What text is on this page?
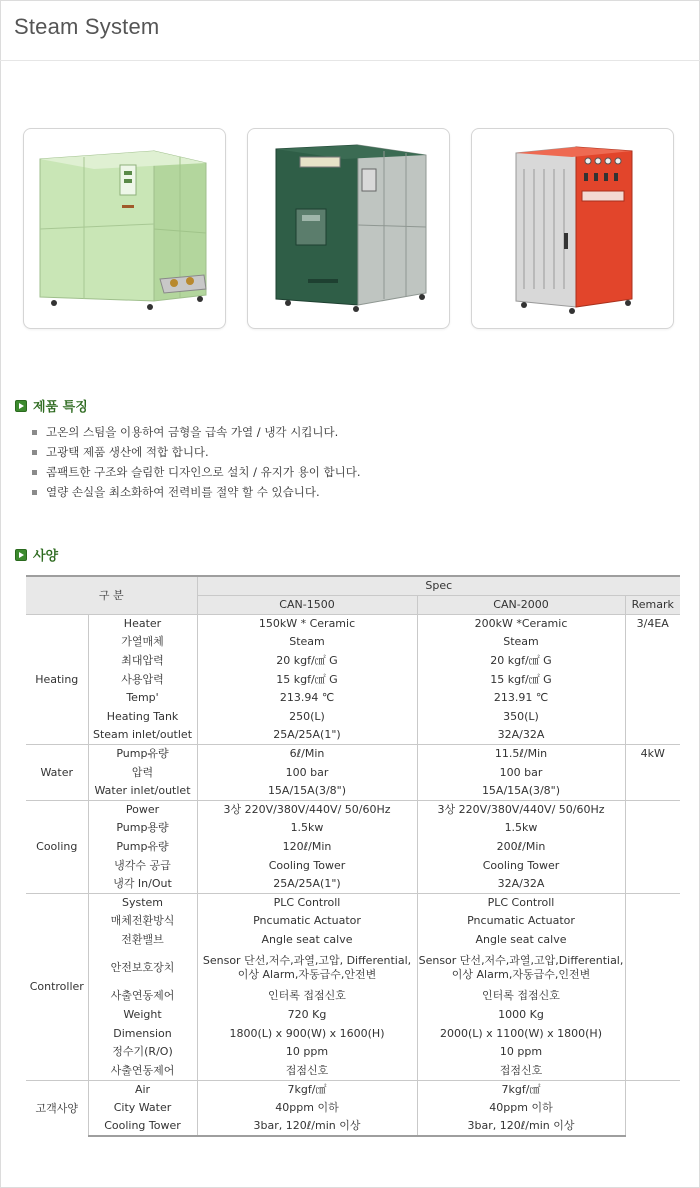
Steam System
제품 특징
고온의 스팀을 이용하여 금형을 급속 가열 / 냉각 시킵니다.
고광택 제품 생산에 적합 합니다.
콤팩트한 구조와 슬림한 디자인으로 설치 / 유지가 용이 합니다.
열량 손실을 최소화하여 전력비를 절약 할 수 있습니다.
사양
구 분		Spec		
		CAN-1500	CAN-2000	Remark
Heating	Heater	150kW * Ceramic	200kW *Ceramic	3/4EA
	가열매체	Steam	Steam	
	최대압력	20 kgf/㎠ G	20 kgf/㎠ G	
	사용압력	15 kgf/㎠ G	15 kgf/㎠ G	
	Temp'	213.94 ℃	213.91 ℃	
	Heating Tank	250(L)	350(L)	
	Steam inlet/outlet	25A/25A(1")	32A/32A	
Water	Pump유량	6ℓ/Min	11.5ℓ/Min	4kW
	압력	100 bar	100 bar	
	Water inlet/outlet	15A/15A(3/8")	15A/15A(3/8")	
Cooling	Power	3상 220V/380V/440V/ 50/60Hz	3상 220V/380V/440V/ 50/60Hz	
	Pump용량	1.5kw	1.5kw	
	Pump유량	120ℓ/Min	200ℓ/Min	
	냉각수 공급	Cooling Tower	Cooling Tower	
	냉각 In/Out	25A/25A(1")	32A/32A	
Controller	System	PLC Controll	PLC Controll	
	매체전환방식	Pncumatic Actuator	Pncumatic Actuator	
	전환밸브	Angle seat calve	Angle seat calve	
	안전보호장치	Sensor 단선,저수,과열,고압, Differential, 이상 Alarm,자동급수,안전변	Sensor 단선,저수,과열,고압,Differential, 이상 Alarm,자동급수,인전변	
	사출연동제어	인터록 접점신호	인터록 접점신호	
	Weight	720 Kg	1000 Kg	
	Dimension	1800(L) x 900(W) x 1600(H)	2000(L) x 1100(W) x 1800(H)	
	정수기(R/O)	10 ppm	10 ppm	
	사출연동제어	접점신호	접점신호	
고객사양	Air	7kgf/㎠	7kgf/㎠	
	City Water	40ppm 이하	40ppm 이하	
	Cooling Tower	3bar, 120ℓ/min 이상	3bar, 120ℓ/min 이상	
